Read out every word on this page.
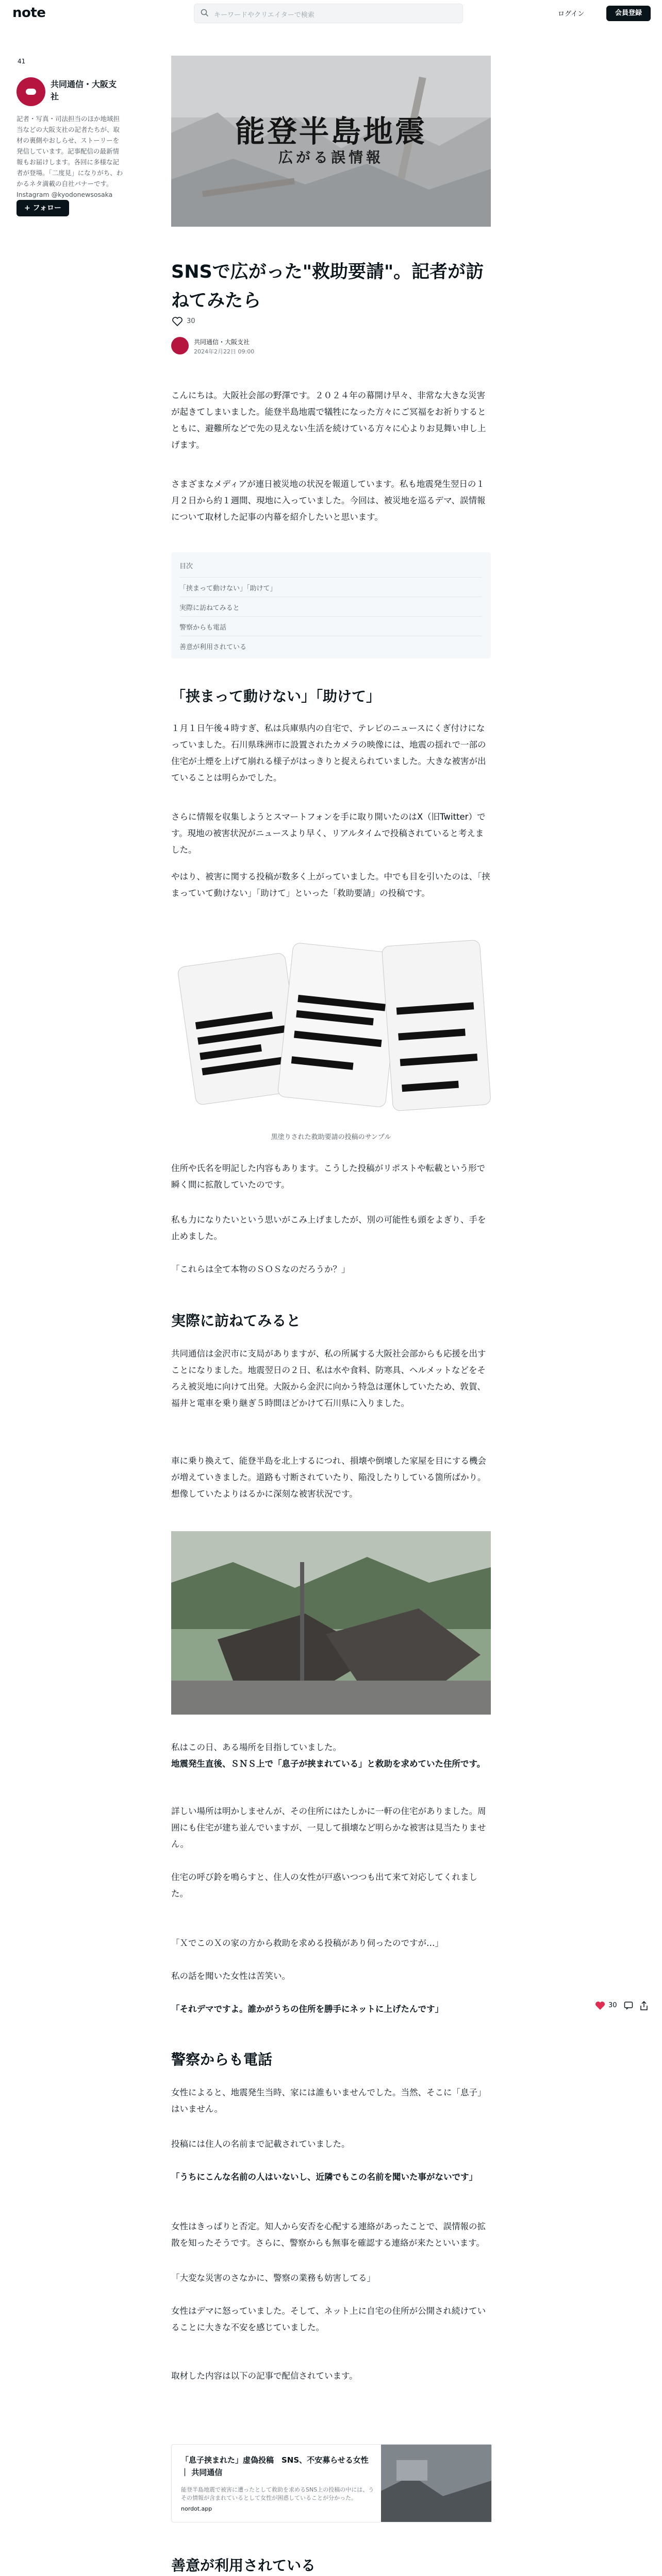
note	キーワードやクリエイターで検索	ログイン	会員登録
41
共同通信・大阪支社
記者・写真・司法担当のほか地域担当などの大阪支社の記者たちが、取材の裏側やおしらせ、ストーリーを発信しています。記事配信の最新情報もお届けします。各回に多様な記者が登場。「二度見」になりがち、わかるネタ満載の自社バナーです。 Instagram @kyodonewsosaka
+ フォロー
能登半島地震
広がる誤情報
SNSで広がった"救助要請"。記者が訪ねてみたら
30
共同通信・大阪支社
2024年2月22日 09:00

こんにちは。大阪社会部の野澤です。２０２４年の幕開け早々、非常な大きな災害が起きてしまいました。能登半島地震で犠牲になった方々にご冥福をお祈りするとともに、避難所などで先の見えない生活を続けている方々に心よりお見舞い申し上げます。

さまざまなメディアが連日被災地の状況を報道しています。私も地震発生翌日の１月２日から約１週間、現地に入っていました。今回は、被災地を巡るデマ、誤情報について取材した記事の内幕を紹介したいと思います。

目次
「挟まって動けない」「助けて」
実際に訪ねてみると
警察からも電話
善意が利用されている
「挟まって動けない」「助けて」

１月１日午後４時すぎ、私は兵庫県内の自宅で、テレビのニュースにくぎ付けになっていました。石川県珠洲市に設置されたカメラの映像には、地震の揺れで一部の住宅が土煙を上げて崩れる様子がはっきりと捉えられていました。大きな被害が出ていることは明らかでした。

さらに情報を収集しようとスマートフォンを手に取り開いたのはX（旧Twitter）です。現地の被害状況がニュースより早く、リアルタイムで投稿されていると考えました。

やはり、被害に関する投稿が数多く上がっていました。中でも目を引いたのは、「挟まっていて動けない」「助けて」といった「救助要請」の投稿です。

黒塗りされた救助要請の投稿のサンプル

住所や氏名を明記した内容もあります。こうした投稿がリポストや転載という形で瞬く間に拡散していたのです。

私も力になりたいという思いがこみ上げましたが、別の可能性も頭をよぎり、手を止めました。

「これらは全て本物のＳＯＳなのだろうか？」

実際に訪ねてみると

共同通信は金沢市に支局がありますが、私の所属する大阪社会部からも応援を出すことになりました。地震翌日の２日、私は水や食料、防寒具、ヘルメットなどをそろえ被災地に向けて出発。大阪から金沢に向かう特急は運休していたため、敦賀、福井と電車を乗り継ぎ５時間ほどかけて石川県に入りました。

車に乗り換えて、能登半島を北上するにつれ、損壊や倒壊した家屋を目にする機会が増えていきました。道路も寸断されていたり、陥没したりしている箇所ばかり。想像していたよりはるかに深刻な被害状況です。

私はこの日、ある場所を目指していました。

地震発生直後、ＳＮＳ上で「息子が挟まれている」と救助を求めていた住所です。

詳しい場所は明かしませんが、その住所にはたしかに一軒の住宅がありました。周囲にも住宅が建ち並んでいますが、一見して損壊など明らかな被害は見当たりません。

住宅の呼び鈴を鳴らすと、住人の女性が戸惑いつつも出て来て対応してくれました。

「ＸでこのＸの家の方から救助を求める投稿があり伺ったのですが…」

私の話を聞いた女性は苦笑い。

「それデマですよ。誰かがうちの住所を勝手にネットに上げたんです」

警察からも電話

女性によると、地震発生当時、家には誰もいませんでした。当然、そこに「息子」はいません。

投稿には住人の名前まで記載されていました。

「うちにこんな名前の人はいないし、近隣でもこの名前を聞いた事がないです」

女性はきっぱりと否定。知人から安否を心配する連絡があったことで、誤情報の拡散を知ったそうです。さらに、警察からも無事を確認する連絡が来たといいます。

「大変な災害のさなかに、警察の業務も妨害してる」

女性はデマに怒っていました。そして、ネット上に自宅の住所が公開され続けていることに大きな不安を感じていました。

取材した内容は以下の記事で配信されています。

「息子挟まれた」虚偽投稿　SNS、不安募らせる女性 ｜ 共同通信
能登半島地震で被害に遭ったとして救助を求めるSNS上の投稿の中には、うその情報が含まれているとして女性が困惑していることが分かった。
nordot.app
善意が利用されている

30
